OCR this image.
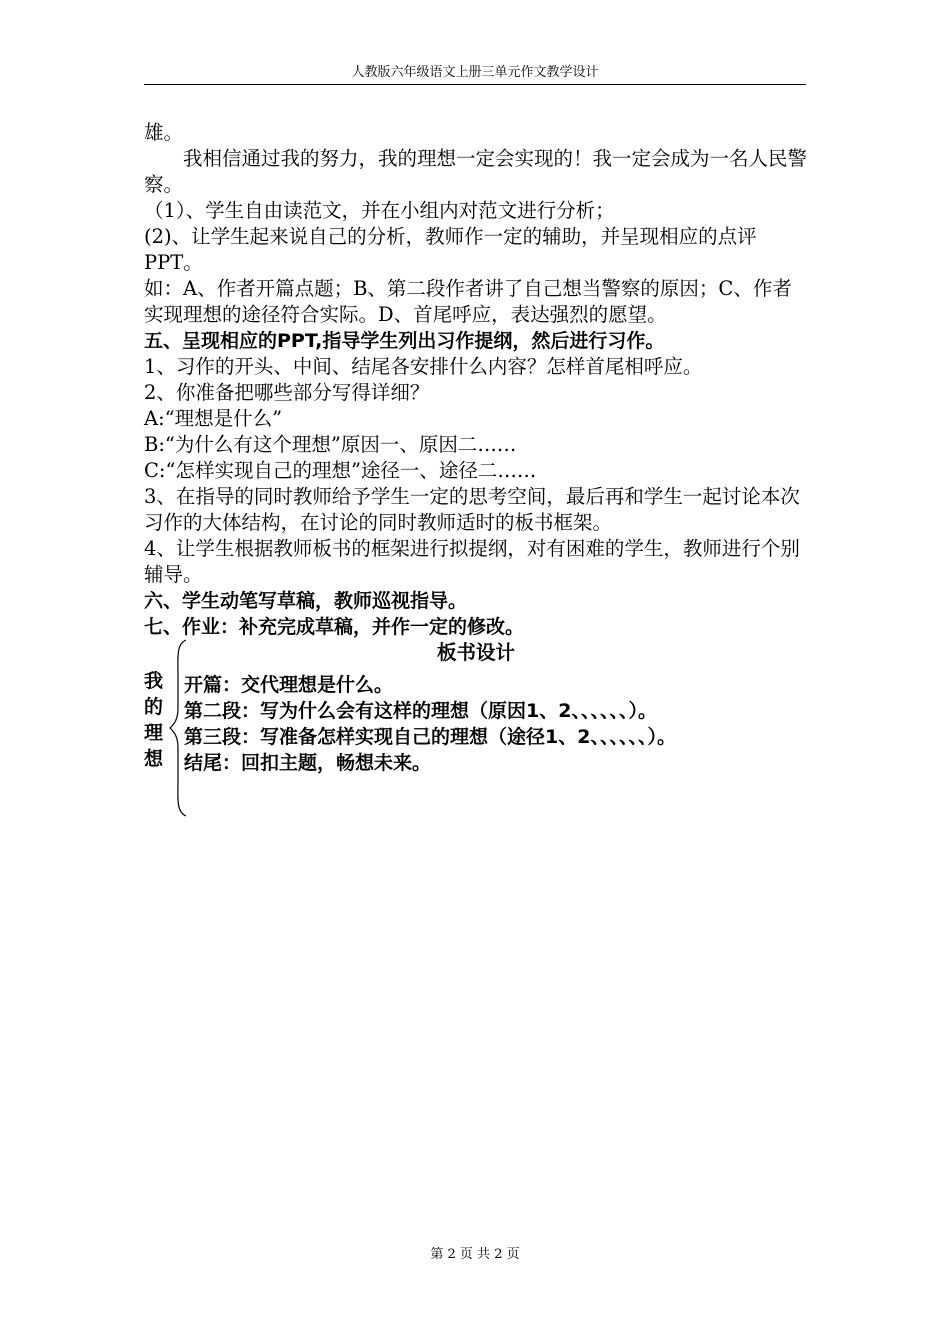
人教版六年级语文上册三单元作文教学设计

雄。

我相信通过我的努力，我的理想一定会实现的！我一定会成为一名人民警察。

（1）、学生自由读范文，并在小组内对范文进行分析；

(2)、让学生起来说自己的分析，教师作一定的辅助，并呈现相应的点评PPT。

如：A、作者开篇点题；B、第二段作者讲了自己想当警察的原因；C、作者实现理想的途径符合实际。D、首尾呼应，表达强烈的愿望。

五、呈现相应的PPT,指导学生列出习作提纲，然后进行习作。

1、习作的开头、中间、结尾各安排什么内容？怎样首尾相呼应。

2、你准备把哪些部分写得详细？

A:“理想是什么”

B:“为什么有这个理想”原因一、原因二……

C:“怎样实现自己的理想”途径一、途径二……

3、在指导的同时教师给予学生一定的思考空间，最后再和学生一起讨论本次习作的大体结构，在讨论的同时教师适时的板书框架。

4、让学生根据教师板书的框架进行拟提纲，对有困难的学生，教师进行个别辅导。

六、学生动笔写草稿，教师巡视指导。

七、作业：补充完成草稿，并作一定的修改。

板书设计

我
的
理
想
开篇：交代理想是什么。
第二段：写为什么会有这样的理想（原因1、2、、、、、、）。
第三段：写准备怎样实现自己的理想（途径1、2、、、、、、）。
结尾：回扣主题，畅想未来。
第 2 页 共 2 页
